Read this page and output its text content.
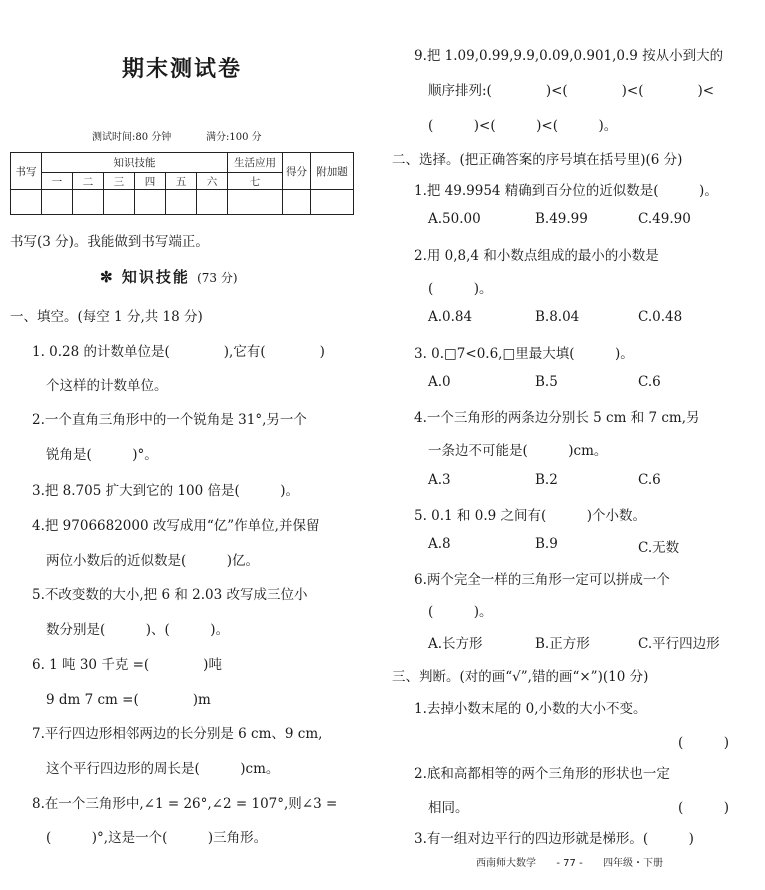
期末测试卷
测试时间:80 分钟	满分:100 分
书写	知识技能						生活应用	得分	附加题
	一	二	三	四	五	六	七		

书写(3 分)。我能做到书写端正。
✼ 知识技能 (73 分)
一、填空。(每空 1 分,共 18 分)
1. 0.28 的计数单位是(　　　　),它有(　　　　)
个这样的计数单位。
2.一个直角三角形中的一个锐角是 31°,另一个
锐角是(　　　)°。
3.把 8.705 扩大到它的 100 倍是(　　　)。
4.把 9706682000 改写成用“亿”作单位,并保留
两位小数后的近似数是(　　　)亿。
5.不改变数的大小,把 6 和 2.03 改写成三位小
数分别是(　　　)、(　　　)。
6. 1 吨 30 千克 =(　　　　)吨
9 dm 7 cm =(　　　　)m
7.平行四边形相邻两边的长分别是 6 cm、9 cm,
这个平行四边形的周长是(　　　)cm。
8.在一个三角形中,∠1 = 26°,∠2 = 107°,则∠3 =
(　　　)°,这是一个(　　　)三角形。
9.把 1.09,0.99,9.9,0.09,0.901,0.9 按从小到大的
顺序排列:(　　　　)<(　　　　)<(　　　　)<
(　　　)<(　　　)<(　　　)。
二、选择。(把正确答案的序号填在括号里)(6 分)
1.把 49.9954 精确到百分位的近似数是(　　　)。
A.50.00	B.49.99	C.49.90
2.用 0,8,4 和小数点组成的最小的小数是
(　　　)。
A.0.84	B.8.04	C.0.48
3. 0.□7<0.6,□里最大填(　　　)。
A.0	B.5	C.6
4.一个三角形的两条边分别长 5 cm 和 7 cm,另
一条边不可能是(　　　)cm。
A.3	B.2	C.6
5. 0.1 和 0.9 之间有(　　　)个小数。
A.8	B.9	C.无数
6.两个完全一样的三角形一定可以拼成一个
(　　　)。
A.长方形	B.正方形	C.平行四边形
三、判断。(对的画“√”,错的画“×”)(10 分)
1.去掉小数末尾的 0,小数的大小不变。
(　　　)
2.底和高都相等的两个三角形的形状也一定
相同。	(　　　)
3.有一组对边平行的四边形就是梯形。(　　　)
西南师大数学 - 77 - 四年级・下册
